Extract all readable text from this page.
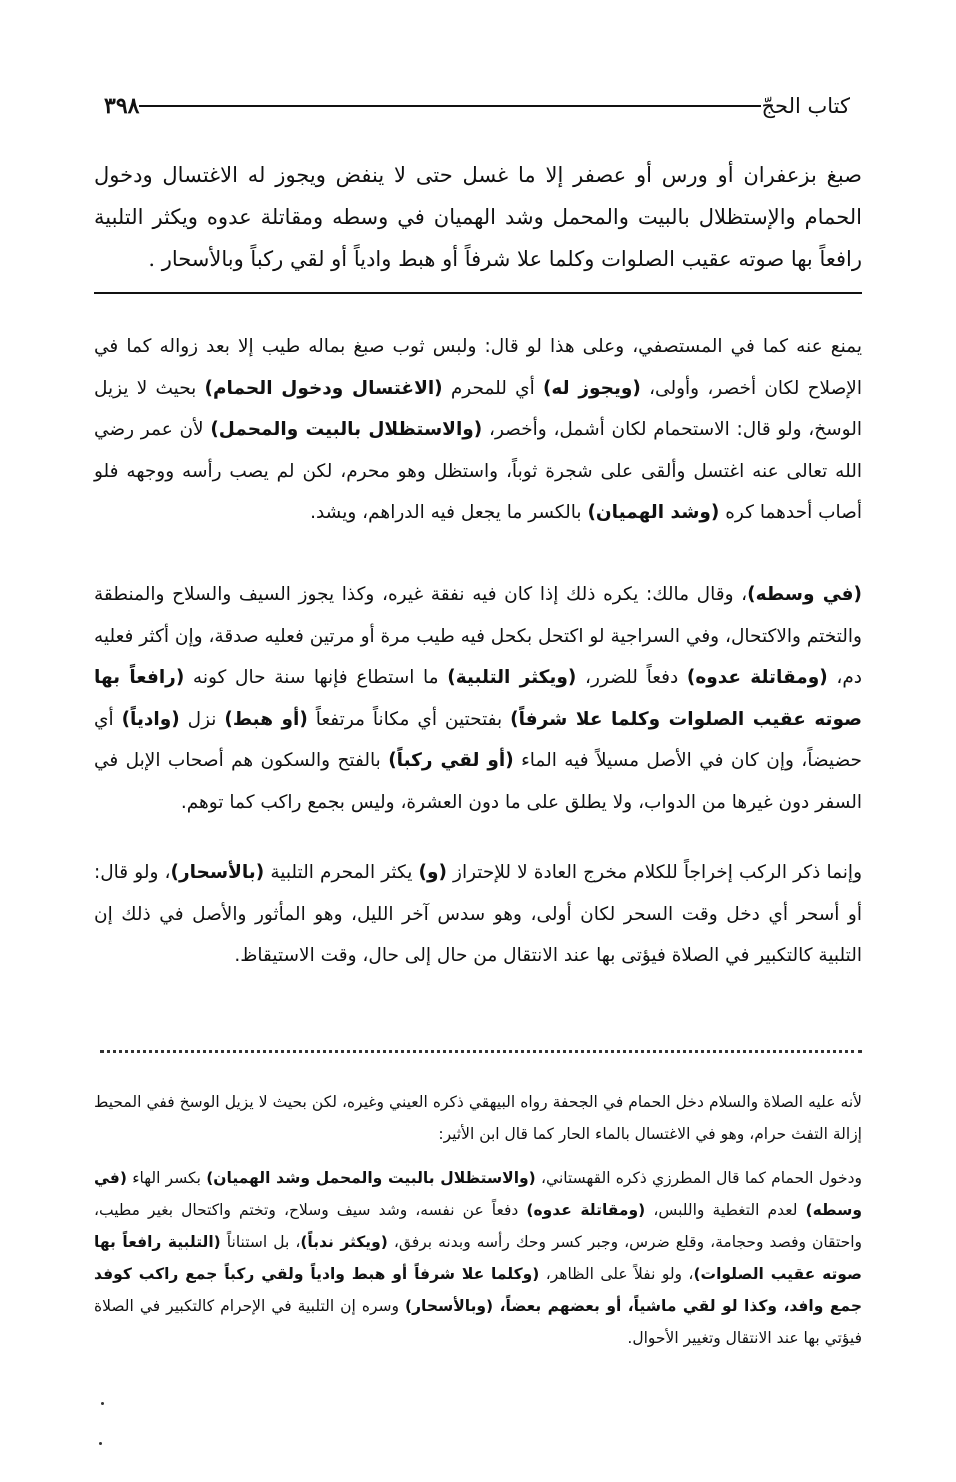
كتاب الحجّ
٣٩٨
صبغ بزعفران أو ورس أو عصفر إلا ما غسل حتى لا ينفض ويجوز له الاغتسال ودخول الحمام والإستظلال بالبيت والمحمل وشد الهميان في وسطه ومقاتلة عدوه ويكثر التلبية رافعاً بها صوته عقيب الصلوات وكلما علا شرفاً أو هبط وادياً أو لقي ركباً وبالأسحار .
يمنع عنه كما في المستصفي، وعلى هذا لو قال: ولبس ثوب صبغ بماله طيب إلا بعد زواله كما في الإصلاح لكان أخصر، وأولى، (ويجوز له) أي للمحرم (الاغتسال ودخول الحمام) بحيث لا يزيل الوسخ، ولو قال: الاستحمام لكان أشمل، وأخصر، (والاستظلال بالبيت والمحمل) لأن عمر رضي الله تعالى عنه اغتسل وألقى على شجرة ثوباً، واستظل وهو محرم، لكن لم يصب رأسه ووجهه فلو أصاب أحدهما كره (وشد الهميان) بالكسر ما يجعل فيه الدراهم، ويشد.
(في وسطه)، وقال مالك: يكره ذلك إذا كان فيه نفقة غيره، وكذا يجوز السيف والسلاح والمنطقة والتختم والاكتحال، وفي السراجية لو اكتحل بكحل فيه طيب مرة أو مرتين فعليه صدقة، وإن أكثر فعليه دم، (ومقاتلة عدوه) دفعاً للضرر، (ويكثر التلبية) ما استطاع فإنها سنة حال كونه (رافعاً بها صوته عقيب الصلوات وكلما علا شرفاً) بفتحتين أي مكاناً مرتفعاً (أو هبط) نزل (وادياً) أي حضيضاً، وإن كان في الأصل مسيلاً فيه الماء (أو لقي ركباً) بالفتح والسكون هم أصحاب الإبل في السفر دون غيرها من الدواب، ولا يطلق على ما دون العشرة، وليس بجمع راكب كما توهم.
وإنما ذكر الركب إخراجاً للكلام مخرج العادة لا للإحتراز (و) يكثر المحرم التلبية (بالأسحار)، ولو قال: أو أسحر أي دخل وقت السحر لكان أولى، وهو سدس آخر الليل، وهو المأثور والأصل في ذلك إن التلبية كالتكبير في الصلاة فيؤتى بها عند الانتقال من حال إلى حال، وقت الاستيقاظ.
لأنه عليه الصلاة والسلام دخل الحمام في الجحفة رواه البيهقي ذكره العيني وغيره، لكن بحيث لا يزيل الوسخ ففي المحيط إزالة التفث حرام، وهو في الاغتسال بالماء الحار كما قال ابن الأثير:
ودخول الحمام كما قال المطرزي ذكره القهستاني، (والاستظلال بالبيت والمحمل وشد الهميان) بكسر الهاء (في وسطه) لعدم التغطية واللبس، (ومقاتلة عدوه) دفعاً عن نفسه، وشد سيف وسلاح، وتختم واكتحال بغير مطيب، واحتقان وفصد وحجامة، وقلع ضرس، وجبر كسر وحك رأسه وبدنه برفق، (ويكثر ندباً)، بل استناناً (التلبية رافعاً بها صوته عقيب الصلوات)، ولو نفلاً على الظاهر، (وكلما علا شرفاً أو هبط وادياً ولقي ركباً جمع راكب كوفد جمع وافد، وكذا لو لقي ماشياً، أو بعضهم بعضاً، (وبالأسحار) وسره إن التلبية في الإحرام كالتكبير في الصلاة فيؤتي بها عند الانتقال وتغيير الأحوال.
